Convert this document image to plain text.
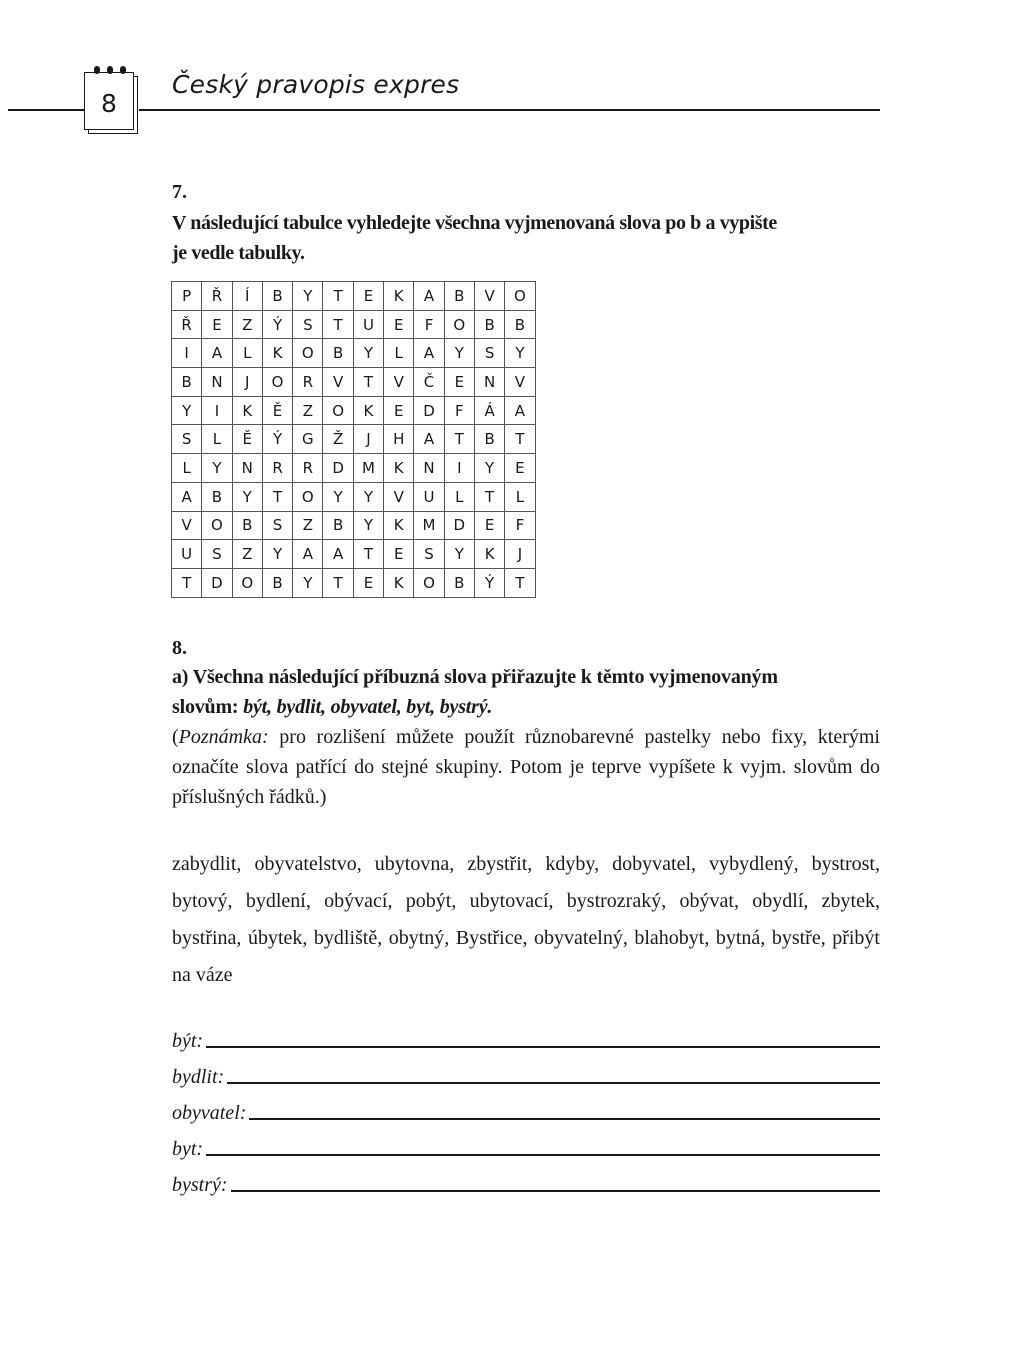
8
Český pravopis expres
7.
V následující tabulce vyhledejte všechna vyjmenovaná slova po b a vypište
je vedle tabulky.
P	Ř	Í	B	Y	T	E	K	A	B	V	O
Ř	E	Z	Ý	S	T	U	E	F	O	B	B
I	A	L	K	O	B	Y	L	A	Y	S	Y
B	N	J	O	R	V	T	V	Č	E	N	V
Y	I	K	Ě	Z	O	K	E	D	F	Á	A
S	L	Ě	Ý	G	Ž	J	H	A	T	B	T
L	Y	N	R	R	D	M	K	N	I	Y	E
A	B	Y	T	O	Y	Y	V	U	L	T	L
V	O	B	S	Z	B	Y	K	M	D	E	F
U	S	Z	Y	A	A	T	E	S	Y	K	J
T	D	O	B	Y	T	E	K	O	B	Ý	T
8.
a) Všechna následující příbuzná slova přiřazujte k těmto vyjmenovaným
slovům: být, bydlit, obyvatel, byt, bystrý.
(Poznámka: pro rozlišení můžete použít různobarevné pastelky nebo fixy, kterými označíte slova patřící do stejné skupiny. Potom je teprve vypíšete k vyjm. slovům do příslušných řádků.)
zabydlit, obyvatelstvo, ubytovna, zbystřit, kdyby, dobyvatel, vybydlený, bystrost, bytový, bydlení, obývací, pobýt, ubytovací, bystrozraký, obývat, obydlí, zbytek, bystřina, úbytek, bydliště, obytný, Bystřice, obyvatelný, blahobyt, bytná, bystře, přibýt na váze
být:
bydlit:
obyvatel:
byt:
bystrý:
